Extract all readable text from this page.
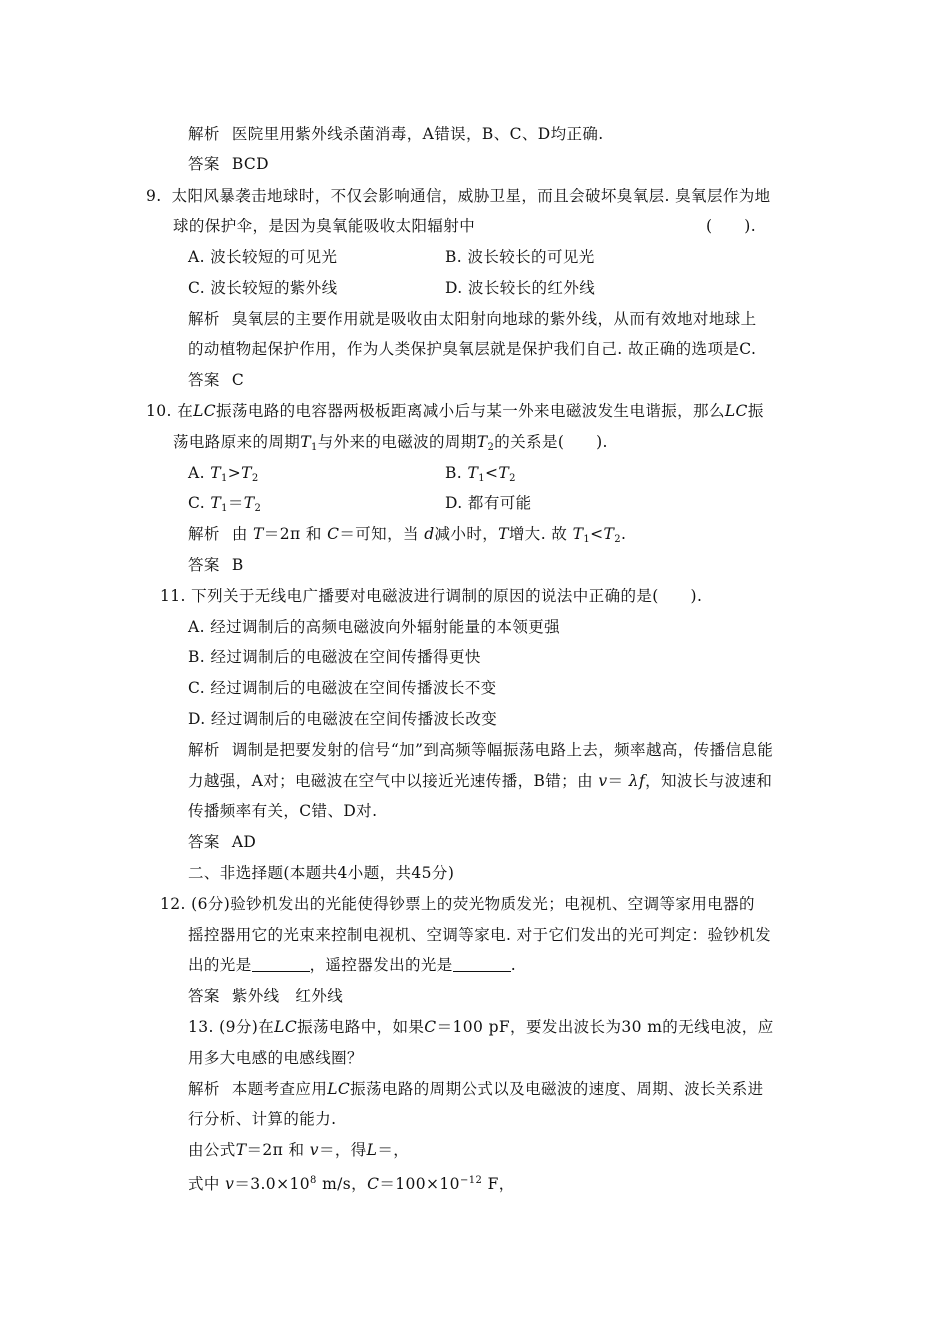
解析 医院里用紫外线杀菌消毒，A错误，B、C、D均正确.
答案 BCD
9. 太阳风暴袭击地球时，不仅会影响通信，威胁卫星，而且会破坏臭氧层. 臭氧层作为地
球的保护伞，是因为臭氧能吸收太阳辐射中	(　　).
A. 波长较短的可见光	B. 波长较长的可见光
C. 波长较短的紫外线	D. 波长较长的红外线
解析 臭氧层的主要作用就是吸收由太阳射向地球的紫外线，从而有效地对地球上
的动植物起保护作用，作为人类保护臭氧层就是保护我们自己. 故正确的选项是C.
答案 C
10. 在LC振荡电路的电容器两极板距离减小后与某一外来电磁波发生电谐振，那么LC振
荡电路原来的周期$T_1$与外来的电磁波的周期$T_2$的关系是(　　).
A. $T_1>T_2$	B. $T_1<T_2$
C. $T_1=T_2$	D. 都有可能
解析 由 T＝2π 和 C＝可知，当 d减小时，T增大. 故 $T_1<T_2$.
答案 B
11. 下列关于无线电广播要对电磁波进行调制的原因的说法中正确的是(　　).
A. 经过调制后的高频电磁波向外辐射能量的本领更强
B. 经过调制后的电磁波在空间传播得更快
C. 经过调制后的电磁波在空间传播波长不变
D. 经过调制后的电磁波在空间传播波长改变
解析 调制是把要发射的信号“加”到高频等幅振荡电路上去，频率越高，传播信息能
力越强，A对；电磁波在空气中以接近光速传播，B错；由 v＝ λf，知波长与波速和
传播频率有关，C错、D对.
答案 AD
二、非选择题(本题共4小题，共45分)
12. (6分)验钞机发出的光能使得钞票上的荧光物质发光；电视机、空调等家用电器的
摇控器用它的光束来控制电视机、空调等家电. 对于它们发出的光可判定：验钞机发
出的光是	，遥控器发出的光是	.
答案 紫外线　红外线
13. (9分)在LC振荡电路中，如果C＝100 pF，要发出波长为30 m的无线电波，应
用多大电感的电感线圈？
解析 本题考查应用LC振荡电路的周期公式以及电磁波的速度、周期、波长关系进
行分析、计算的能力.
由公式T＝2π 和 v＝，得L＝，
式中 $v=3.0\times 10^8$ m/s，$C=100\times 10^{-12}$ F，
